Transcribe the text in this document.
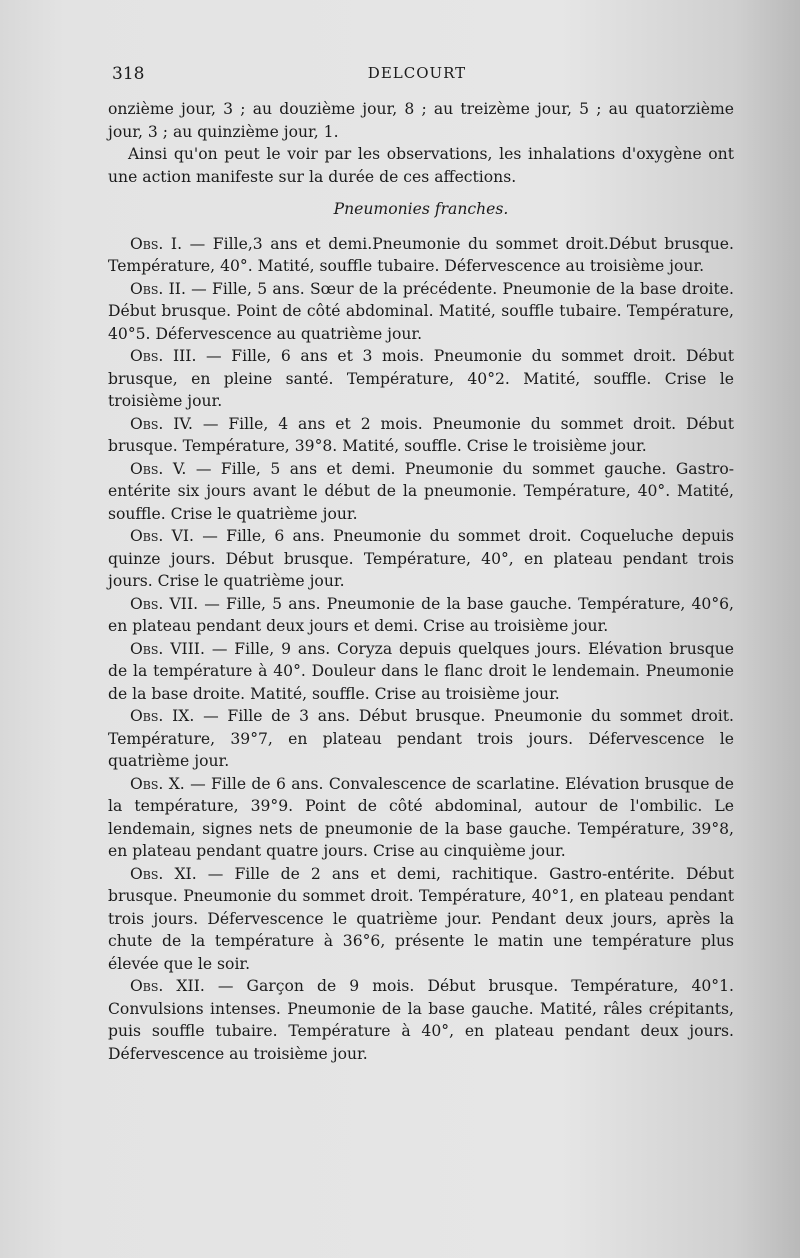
318	DELCOURT

onzième jour, 3 ; au douzième jour, 8 ; au treizème jour, 5 ; au quatorzième jour, 3 ; au quinzième jour, 1.

Ainsi qu'on peut le voir par les observations, les inhalations d'oxygène ont une action manifeste sur la durée de ces affections.

Pneumonies franches.

Obs. I. — Fille,3 ans et demi.Pneumonie du sommet droit.Début brusque. Température, 40°. Matité, souffle tubaire. Défervescence au troisième jour.

Obs. II. — Fille, 5 ans. Sœur de la précédente. Pneumonie de la base droite. Début brusque. Point de côté abdominal. Matité, souffle tubaire. Température, 40°5. Défervescence au quatrième jour.

Obs. III. — Fille, 6 ans et 3 mois. Pneumonie du sommet droit. Début brusque, en pleine santé. Température, 40°2. Matité, souffle. Crise le troisième jour.

Obs. IV. — Fille, 4 ans et 2 mois. Pneumonie du sommet droit. Début brusque. Température, 39°8. Matité, souffle. Crise le troisième jour.

Obs. V. — Fille, 5 ans et demi. Pneumonie du sommet gauche. Gastro-entérite six jours avant le début de la pneumonie. Température, 40°. Matité, souffle. Crise le quatrième jour.

Obs. VI. — Fille, 6 ans. Pneumonie du sommet droit. Coqueluche depuis quinze jours. Début brusque. Température, 40°, en plateau pendant trois jours. Crise le quatrième jour.

Obs. VII. — Fille, 5 ans. Pneumonie de la base gauche. Température, 40°6, en plateau pendant deux jours et demi. Crise au troisième jour.

Obs. VIII. — Fille, 9 ans. Coryza depuis quelques jours. Elévation brusque de la température à 40°. Douleur dans le flanc droit le lendemain. Pneumonie de la base droite. Matité, souffle. Crise au troisième jour.

Obs. IX. — Fille de 3 ans. Début brusque. Pneumonie du sommet droit. Température, 39°7, en plateau pendant trois jours. Défervescence le quatrième jour.

Obs. X. — Fille de 6 ans. Convalescence de scarlatine. Elévation brusque de la température, 39°9. Point de côté abdominal, autour de l'ombilic. Le lendemain, signes nets de pneumonie de la base gauche. Température, 39°8, en plateau pendant quatre jours. Crise au cinquième jour.

Obs. XI. — Fille de 2 ans et demi, rachitique. Gastro-entérite. Début brusque. Pneumonie du sommet droit. Température, 40°1, en plateau pendant trois jours. Défervescence le quatrième jour. Pendant deux jours, après la chute de la température à 36°6, présente le matin une température plus élevée que le soir.

Obs. XII. — Garçon de 9 mois. Début brusque. Température, 40°1. Convulsions intenses. Pneumonie de la base gauche. Matité, râles crépitants, puis souffle tubaire. Température à 40°, en plateau pendant deux jours. Défervescence au troisième jour.
